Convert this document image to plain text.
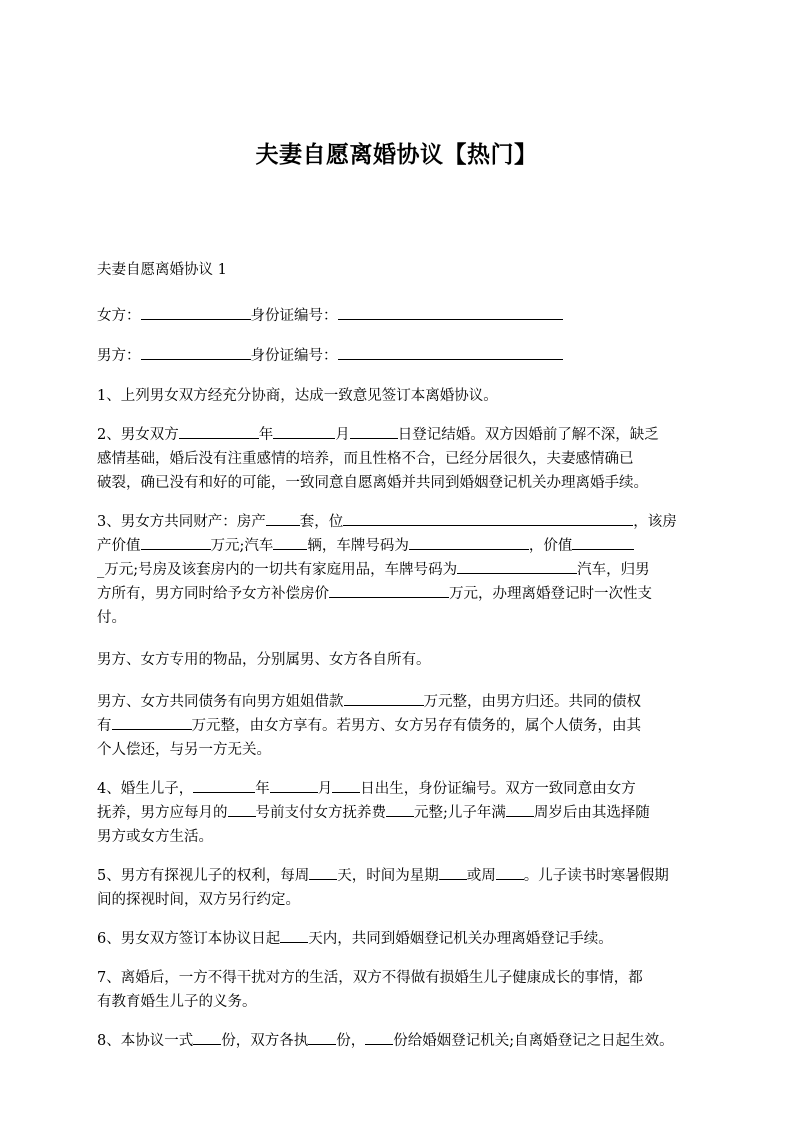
夫妻自愿离婚协议【热门】

夫妻自愿离婚协议 1

女方：	身份证编号：

男方：	身份证编号：

1、上列男女双方经充分协商，达成一致意见签订本离婚协议。

2、男女双方	年	月	日登记结婚。双方因婚前了解不深，缺乏
感情基础，婚后没有注重感情的培养，而且性格不合，已经分居很久，夫妻感情确已
破裂，确已没有和好的可能，一致同意自愿离婚并共同到婚姻登记机关办理离婚手续。

3、男女方共同财产：房产 套，位	，该房
产价值	万元;汽车 辆，车牌号码为	，价值
_万元;号房及该套房内的一切共有家庭用品，车牌号码为	汽车，归男
方所有，男方同时给予女方补偿房价	万元，办理离婚登记时一次性支
付。

男方、女方专用的物品，分别属男、女方各自所有。

男方、女方共同债务有向男方姐姐借款	万元整，由男方归还。共同的债权
有	万元整，由女方享有。若男方、女方另存有债务的，属个人债务，由其
个人偿还，与另一方无关。

4、婚生儿子，	年	月 日出生，身份证编号。双方一致同意由女方
抚养，男方应每月的 号前支付女方抚养费 元整;儿子年满 周岁后由其选择随
男方或女方生活。

5、男方有探视儿子的权利，每周 天，时间为星期 或周 。儿子读书时寒暑假期
间的探视时间，双方另行约定。

6、男女双方签订本协议日起 天内，共同到婚姻登记机关办理离婚登记手续。

7、离婚后，一方不得干扰对方的生活，双方不得做有损婚生儿子健康成长的事情，都
有教育婚生儿子的义务。

8、本协议一式 份，双方各执 份， 份给婚姻登记机关;自离婚登记之日起生效。
